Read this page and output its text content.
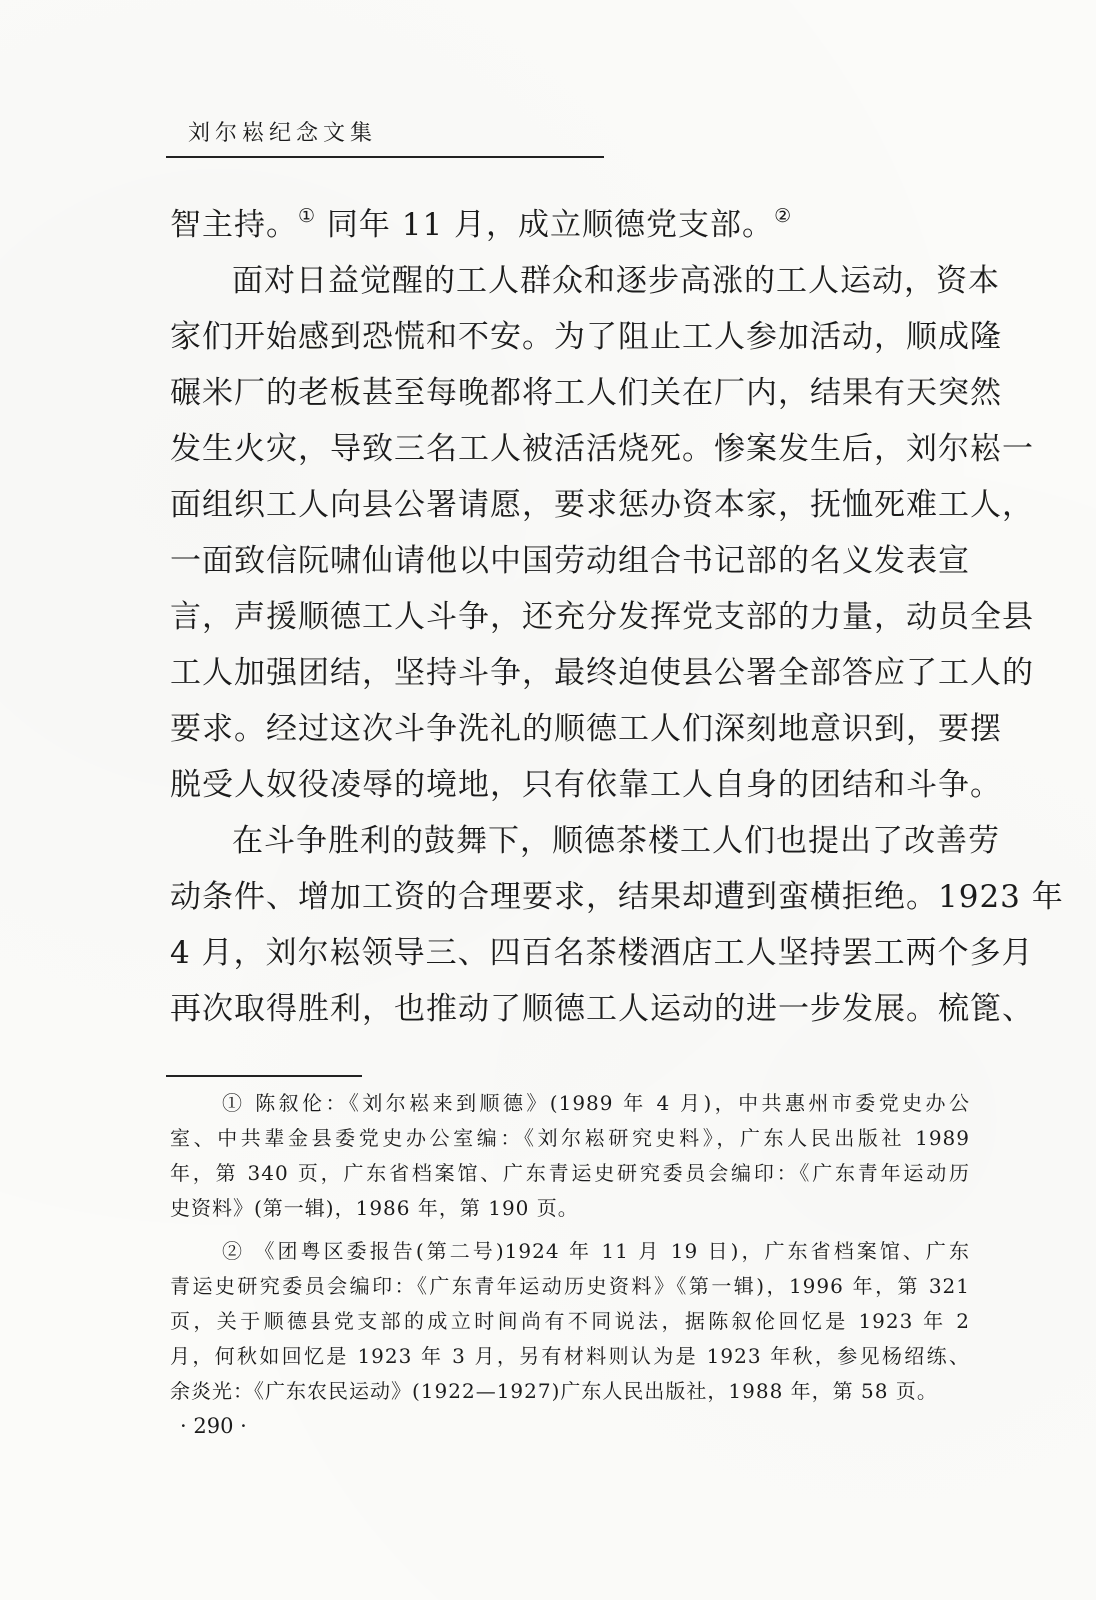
刘尔崧纪念文集
智主持。① 同年 11 月，成立顺德党支部。②
面对日益觉醒的工人群众和逐步高涨的工人运动，资本
家们开始感到恐慌和不安。为了阻止工人参加活动，顺成隆
碾米厂的老板甚至每晚都将工人们关在厂内，结果有天突然
发生火灾，导致三名工人被活活烧死。惨案发生后，刘尔崧一
面组织工人向县公署请愿，要求惩办资本家，抚恤死难工人，
一面致信阮啸仙请他以中国劳动组合书记部的名义发表宣
言，声援顺德工人斗争，还充分发挥党支部的力量，动员全县
工人加强团结，坚持斗争，最终迫使县公署全部答应了工人的
要求。经过这次斗争洗礼的顺德工人们深刻地意识到，要摆
脱受人奴役凌辱的境地，只有依靠工人自身的团结和斗争。
在斗争胜利的鼓舞下，顺德茶楼工人们也提出了改善劳
动条件、增加工资的合理要求，结果却遭到蛮横拒绝。1923 年
4 月，刘尔崧领导三、四百名茶楼酒店工人坚持罢工两个多月
再次取得胜利，也推动了顺德工人运动的进一步发展。梳篦、
① 陈叙伦：《刘尔崧来到顺德》(1989 年 4 月)，中共惠州市委党史办公
室、中共辈金县委党史办公室编：《刘尔崧研究史料》，广东人民出版社 1989
年，第 340 页，广东省档案馆、广东青运史研究委员会编印：《广东青年运动历
史资料》(第一辑)，1986 年，第 190 页。
② 《团粤区委报告(第二号)1924 年 11 月 19 日)，广东省档案馆、广东
青运史研究委员会编印：《广东青年运动历史资料》《第一辑)，1996 年，第 321
页，关于顺德县党支部的成立时间尚有不同说法，据陈叙伦回忆是 1923 年 2
月，何秋如回忆是 1923 年 3 月，另有材料则认为是 1923 年秋，参见杨绍练、
余炎光：《广东农民运动》(1922—1927)广东人民出版社，1988 年，第 58 页。
· 290 ·
